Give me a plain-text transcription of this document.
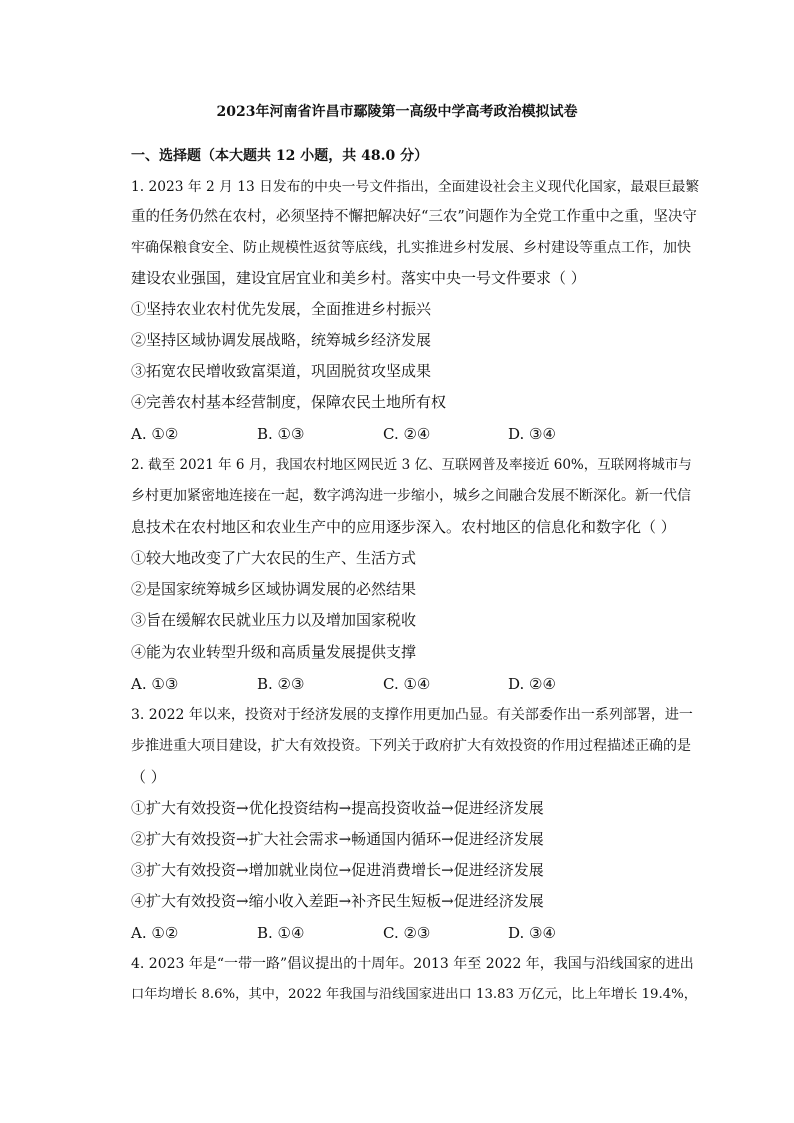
2023年河南省许昌市鄢陵第一高级中学高考政治模拟试卷
一、选择题（本大题共 12 小题，共 48.0 分）
1. 2023 年 2 月 13 日发布的中央一号文件指出，全面建设社会主义现代化国家，最艰巨最繁
重的任务仍然在农村，必须坚持不懈把解决好“三农”问题作为全党工作重中之重，坚决守
牢确保粮食安全、防止规模性返贫等底线，扎实推进乡村发展、乡村建设等重点工作，加快
建设农业强国，建设宜居宜业和美乡村。落实中央一号文件要求（ ）
①坚持农业农村优先发展，全面推进乡村振兴
②坚持区域协调发展战略，统筹城乡经济发展
③拓宽农民增收致富渠道，巩固脱贫攻坚成果
④完善农村基本经营制度，保障农民土地所有权
A. ①②	B. ①③	C. ②④	D. ③④
2. 截至 2021 年 6 月，我国农村地区网民近 3 亿、互联网普及率接近 60%，互联网将城市与
乡村更加紧密地连接在一起，数字鸿沟进一步缩小，城乡之间融合发展不断深化。新一代信
息技术在农村地区和农业生产中的应用逐步深入。农村地区的信息化和数字化（ ）
①较大地改变了广大农民的生产、生活方式
②是国家统筹城乡区域协调发展的必然结果
③旨在缓解农民就业压力以及增加国家税收
④能为农业转型升级和高质量发展提供支撑
A. ①③	B. ②③	C. ①④	D. ②④
3. 2022 年以来，投资对于经济发展的支撑作用更加凸显。有关部委作出一系列部署，进一
步推进重大项目建设，扩大有效投资。下列关于政府扩大有效投资的作用过程描述正确的是
（ ）
①扩大有效投资→优化投资结构→提高投资收益→促进经济发展
②扩大有效投资→扩大社会需求→畅通国内循环→促进经济发展
③扩大有效投资→增加就业岗位→促进消费增长→促进经济发展
④扩大有效投资→缩小收入差距→补齐民生短板→促进经济发展
A. ①②	B. ①④	C. ②③	D. ③④
4. 2023 年是“一带一路”倡议提出的十周年。2013 年至 2022 年，我国与沿线国家的进出
口年均增长 8.6%，其中，2022 年我国与沿线国家进出口 13.83 万亿元，比上年增长 19.4%，
